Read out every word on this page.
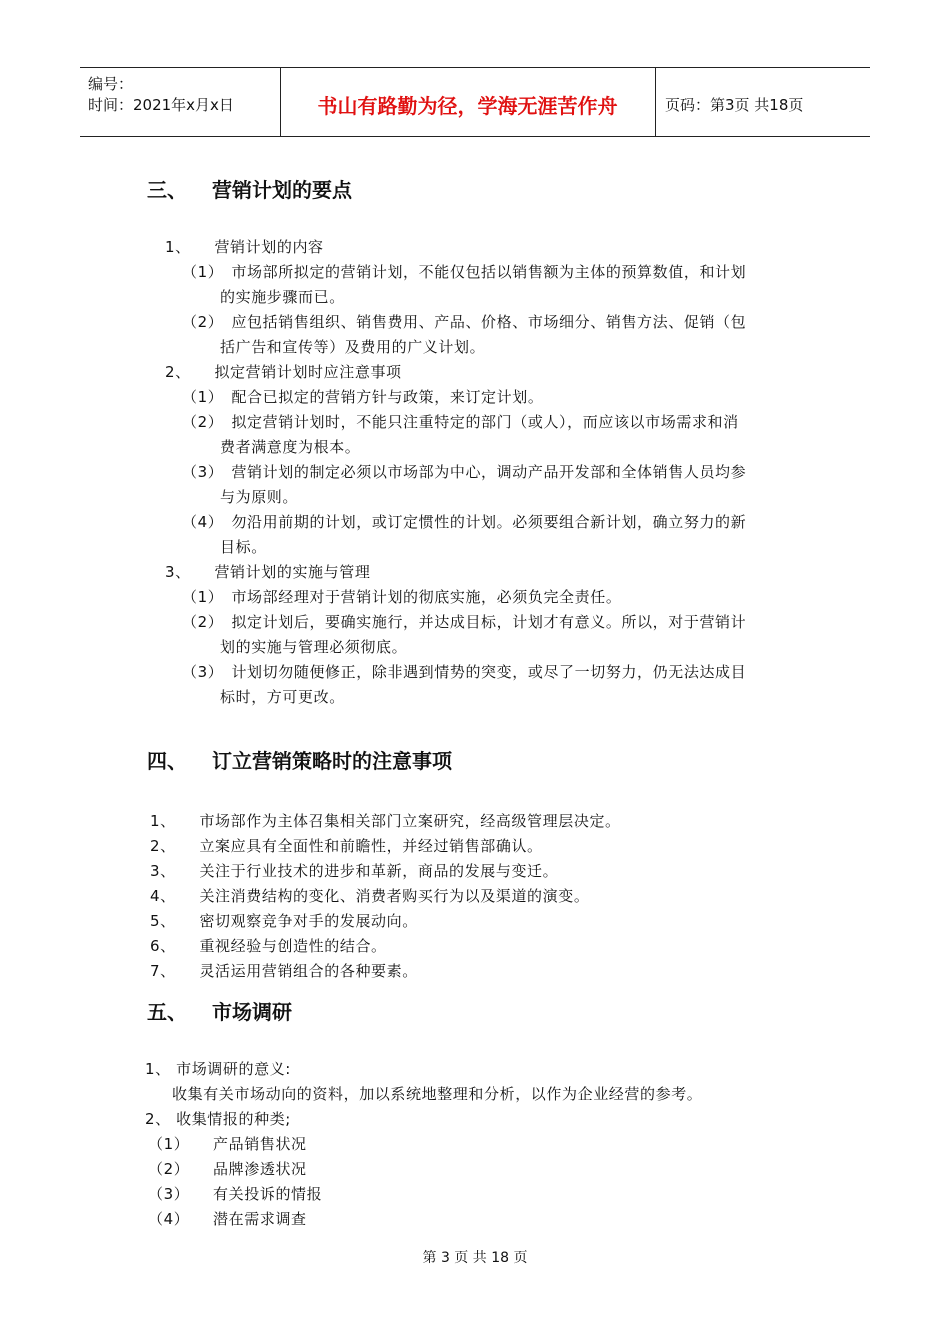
编号：
时间：2021年x月x日	书山有路勤为径，学海无涯苦作舟	页码：第3页 共18页
三、 营销计划的要点
1、　　营销计划的内容
（1）　市场部所拟定的营销计划，不能仅包括以销售额为主体的预算数值，和计划
的实施步骤而已。
（2）　应包括销售组织、销售费用、产品、价格、市场细分、销售方法、促销（包
括广告和宣传等）及费用的广义计划。
2、　　拟定营销计划时应注意事项
（1）　配合已拟定的营销方针与政策，来订定计划。
（2）　拟定营销计划时，不能只注重特定的部门（或人），而应该以市场需求和消
费者满意度为根本。
（3）　营销计划的制定必须以市场部为中心，调动产品开发部和全体销售人员均参
与为原则。
（4）　勿沿用前期的计划，或订定惯性的计划。必须要组合新计划，确立努力的新
目标。
3、　　营销计划的实施与管理
（1）　市场部经理对于营销计划的彻底实施，必须负完全责任。
（2）　拟定计划后，要确实施行，并达成目标，计划才有意义。所以，对于营销计
划的实施与管理必须彻底。
（3）　计划切勿随便修正，除非遇到情势的突变，或尽了一切努力，仍无法达成目
标时，方可更改。
四、 订立营销策略时的注意事项
1、　　市场部作为主体召集相关部门立案研究，经高级管理层决定。
2、　　立案应具有全面性和前瞻性，并经过销售部确认。
3、　　关注于行业技术的进步和革新，商品的发展与变迁。
4、　　关注消费结构的变化、消费者购买行为以及渠道的演变。
5、　　密切观察竞争对手的发展动向。
6、　　重视经验与创造性的结合。
7、　　灵活运用营销组合的各种要素。
五、 市场调研
1、 市场调研的意义:
收集有关市场动向的资料，加以系统地整理和分析，以作为企业经营的参考。
2、 收集情报的种类;
（1）　　产品销售状况
（2）　　品牌渗透状况
（3）　　有关投诉的情报
（4）　　潜在需求调查
第 3 页 共 18 页
